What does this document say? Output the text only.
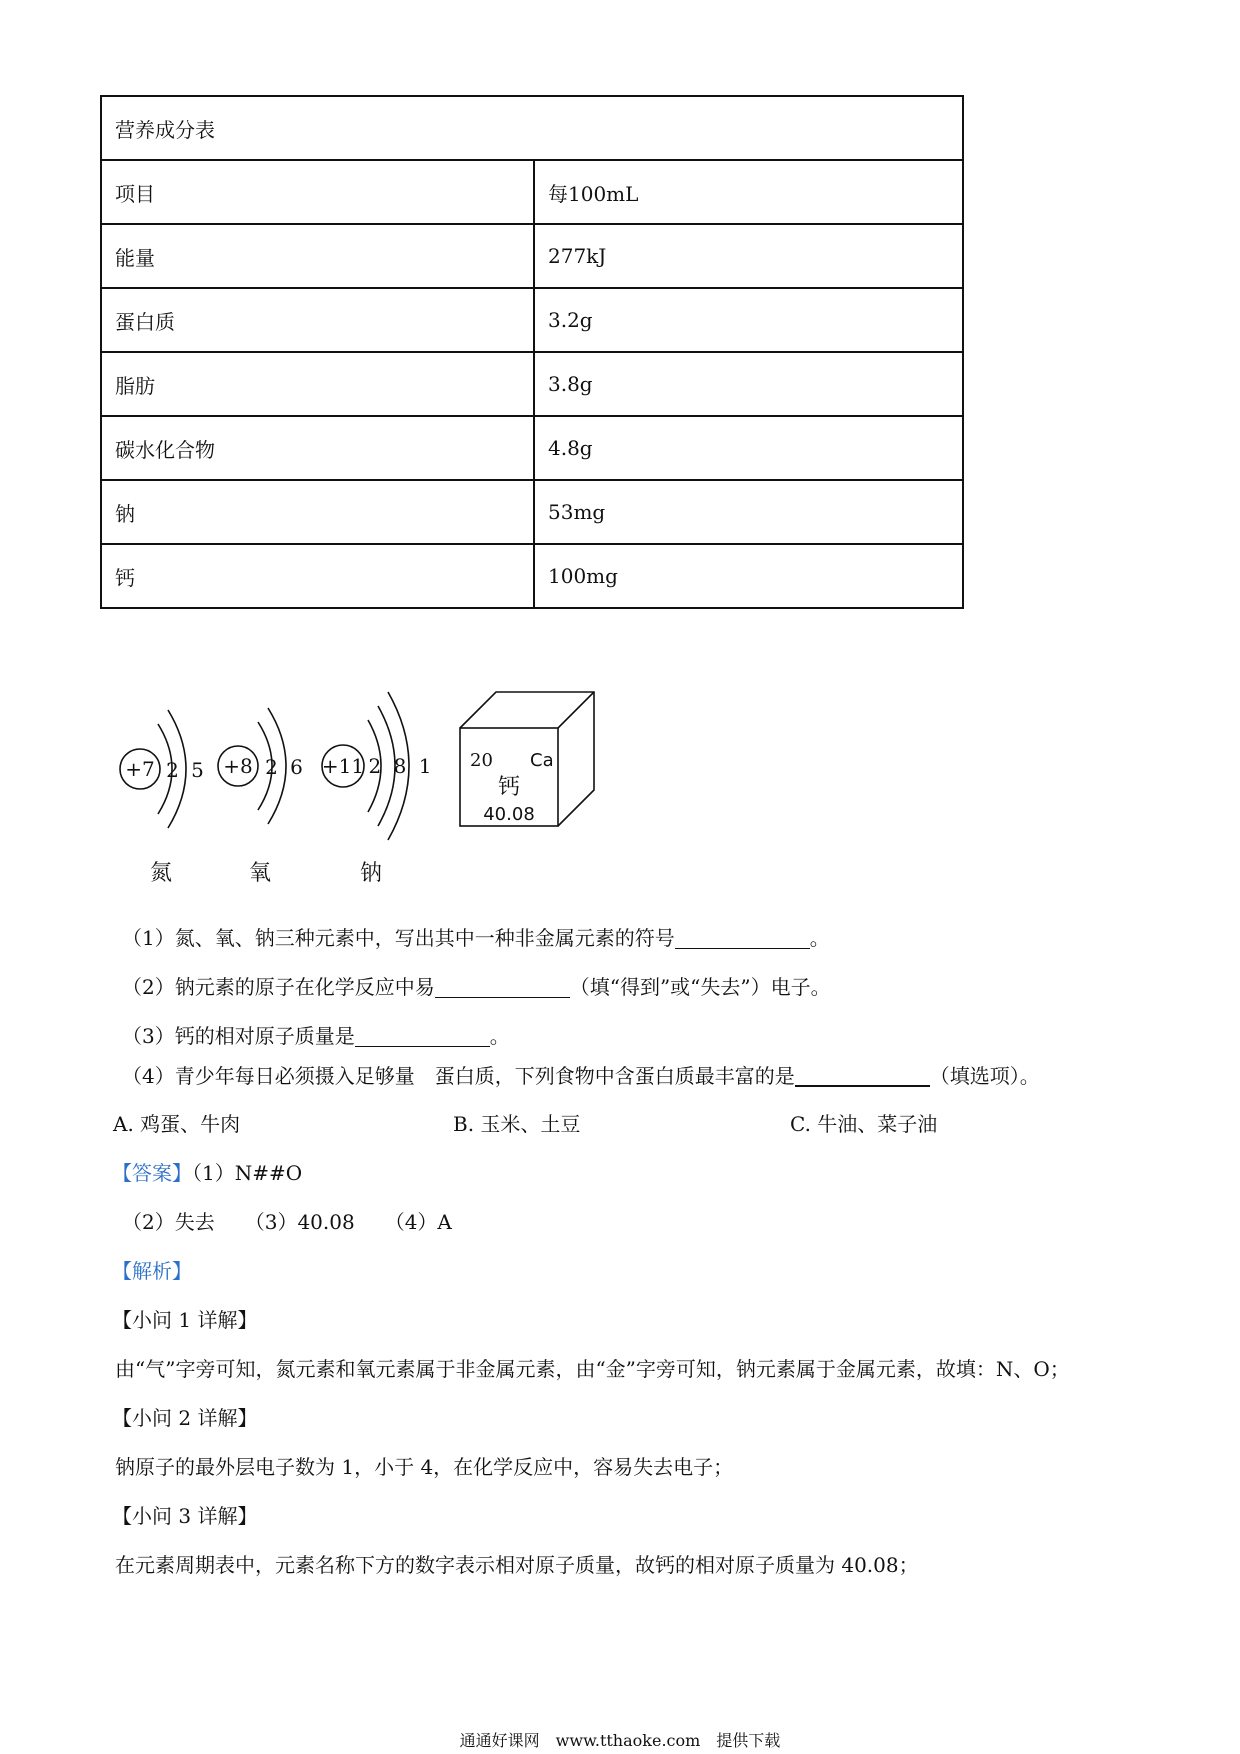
营养成分表	
项目	每100mL
能量	277kJ
蛋白质	3.2g
脂肪	3.8g
碳水化合物	4.8g
钠	53mg
钙	100mg
+7 2 5 +8 2 6 +11 2 8 1 20 Ca
钙
40.08
氮	氧	钠
（1）氮、氧、钠三种元素中，写出其中一种非金属元素的符号	。
（2）钠元素的原子在化学反应中易	（填“得到”或“失去”）电子。
（3）钙的相对原子质量是	。
（4）青少年每日必须摄入足够量　蛋白质，下列食物中含蛋白质最丰富的是	（填选项）。
A. 鸡蛋、牛肉	B. 玉米、土豆	C. 牛油、菜子油
【答案】（1）N##O
（2）失去　　（3）40.08　　（4）A
【解析】
【小问 1 详解】
由“气”字旁可知，氮元素和氧元素属于非金属元素，由“金”字旁可知，钠元素属于金属元素，故填：N、O；
【小问 2 详解】
钠原子的最外层电子数为 1，小于 4，在化学反应中，容易失去电子；
【小问 3 详解】
在元素周期表中，元素名称下方的数字表示相对原子质量，故钙的相对原子质量为 40.08；
通通好课网　www.tthaoke.com　提供下载
